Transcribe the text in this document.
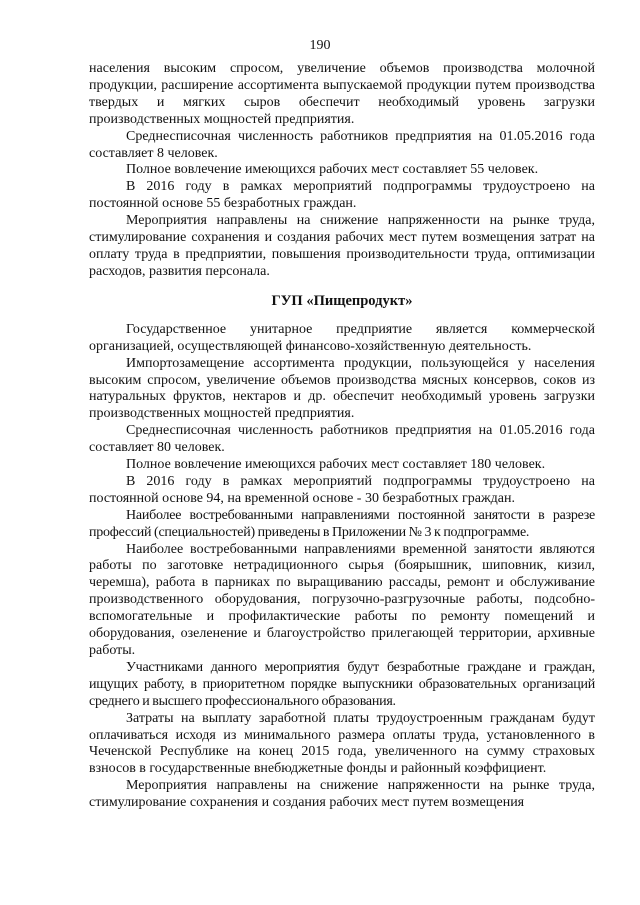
190

населения высоким спросом, увеличение объемов производства молочной продукции, расширение ассортимента выпускаемой продукции путем производства твердых и мягких сыров обеспечит необходимый уровень загрузки производственных мощностей предприятия.

Среднесписочная численность работников предприятия на 01.05.2016 года составляет 8 человек.

Полное вовлечение имеющихся рабочих мест составляет 55 человек.

В 2016 году в рамках мероприятий подпрограммы трудоустроено на постоянной основе 55 безработных граждан.

Мероприятия направлены на снижение напряженности на рынке труда, стимулирование сохранения и создания рабочих мест путем возмещения затрат на оплату труда в предприятии, повышения производительности труда, оптимизации расходов, развития персонала.

ГУП «Пищепродукт»

Государственное унитарное предприятие является коммерческой организацией, осуществляющей финансово-хозяйственную деятельность.

Импортозамещение ассортимента продукции, пользующейся у населения высоким спросом, увеличение объемов производства мясных консервов, соков из натуральных фруктов, нектаров и др. обеспечит необходимый уровень загрузки производственных мощностей предприятия.

Среднесписочная численность работников предприятия на 01.05.2016 года составляет 80 человек.

Полное вовлечение имеющихся рабочих мест составляет 180 человек.

В 2016 году в рамках мероприятий подпрограммы трудоустроено на постоянной основе 94, на временной основе - 30 безработных граждан.

Наиболее востребованными направлениями постоянной занятости в разрезе профессий (специальностей) приведены в Приложении № 3 к подпрограмме.

Наиболее востребованными направлениями временной занятости являются работы по заготовке нетрадиционного сырья (боярышник, шиповник, кизил, черемша), работа в парниках по выращиванию рассады, ремонт и обслуживание производственного оборудования, погрузочно-разгрузочные работы, подсобно-вспомогательные и профилактические работы по ремонту помещений и оборудования, озеленение и благоустройство прилегающей территории, архивные работы.

Участниками данного мероприятия будут безработные граждане и граждан, ищущих работу, в приоритетном порядке выпускники образовательных организаций среднего и высшего профессионального образования.

Затраты на выплату заработной платы трудоустроенным гражданам будут оплачиваться исходя из минимального размера оплаты труда, установленного в Чеченской Республике на конец 2015 года, увеличенного на сумму страховых взносов в государственные внебюджетные фонды и районный коэффициент.

Мероприятия направлены на снижение напряженности на рынке труда, стимулирование сохранения и создания рабочих мест путем возмещения
